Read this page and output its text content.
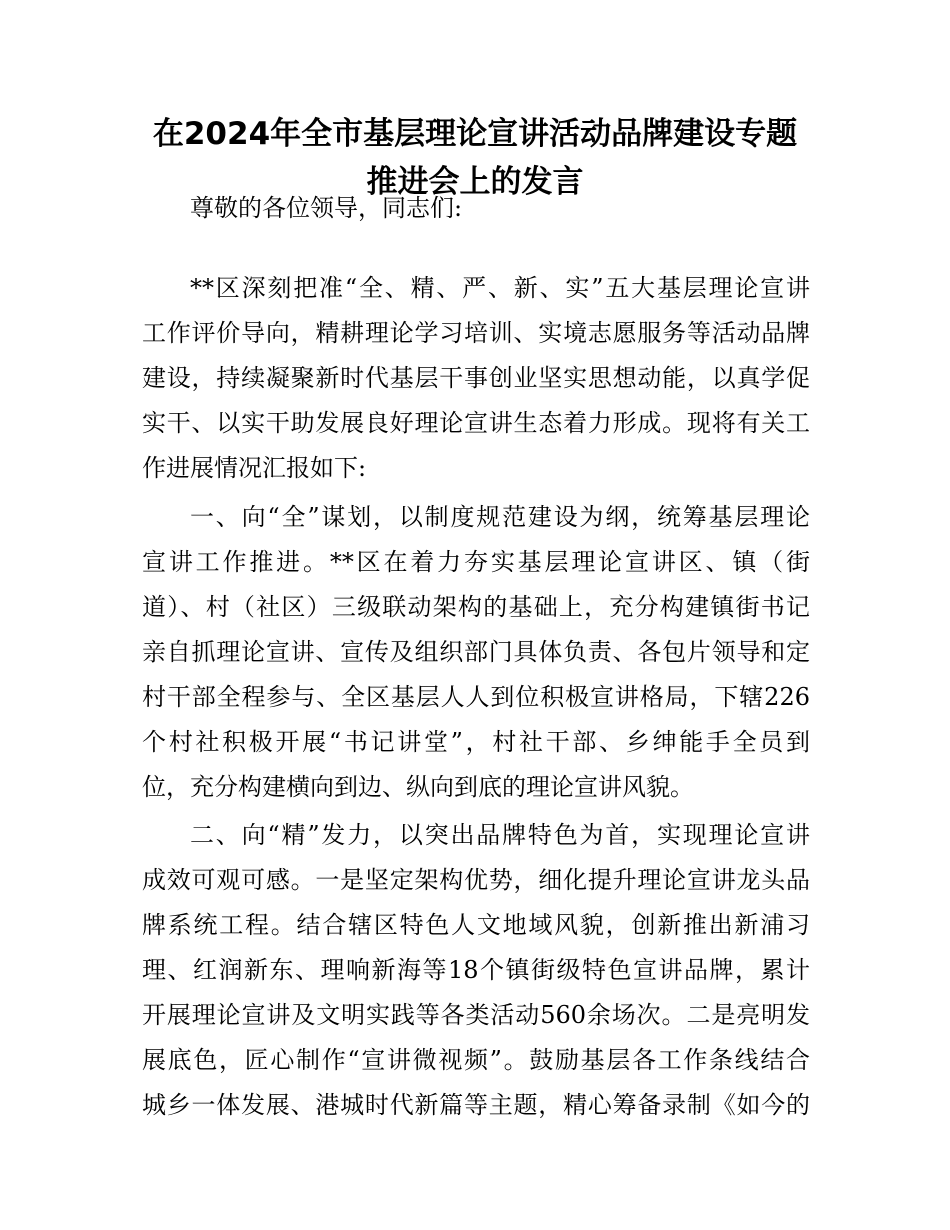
在2024年全市基层理论宣讲活动品牌建设专题
推进会上的发言

尊敬的各位领导，同志们:

**区深刻把准“全、精、严、新、实”五大基层理论宣讲

工作评价导向，精耕理论学习培训、实境志愿服务等活动品牌

建设，持续凝聚新时代基层干事创业坚实思想动能，以真学促

实干、以实干助发展良好理论宣讲生态着力形成。现将有关工

作进展情况汇报如下:

一、向“全”谋划，以制度规范建设为纲，统筹基层理论

宣讲工作推进。**区在着力夯实基层理论宣讲区、镇（街

道）、村（社区）三级联动架构的基础上，充分构建镇街书记

亲自抓理论宣讲、宣传及组织部门具体负责、各包片领导和定

村干部全程参与、全区基层人人到位积极宣讲格局，下辖226

个村社积极开展“书记讲堂”，村社干部、乡绅能手全员到

位，充分构建横向到边、纵向到底的理论宣讲风貌。

二、向“精”发力，以突出品牌特色为首，实现理论宣讲

成效可观可感。一是坚定架构优势，细化提升理论宣讲龙头品

牌系统工程。结合辖区特色人文地域风貌，创新推出新浦习

理、红润新东、理响新海等18个镇街级特色宣讲品牌，累计

开展理论宣讲及文明实践等各类活动560余场次。二是亮明发

展底色，匠心制作“宣讲微视频”。鼓励基层各工作条线结合

城乡一体发展、港城时代新篇等主题，精心筹备录制《如今的
